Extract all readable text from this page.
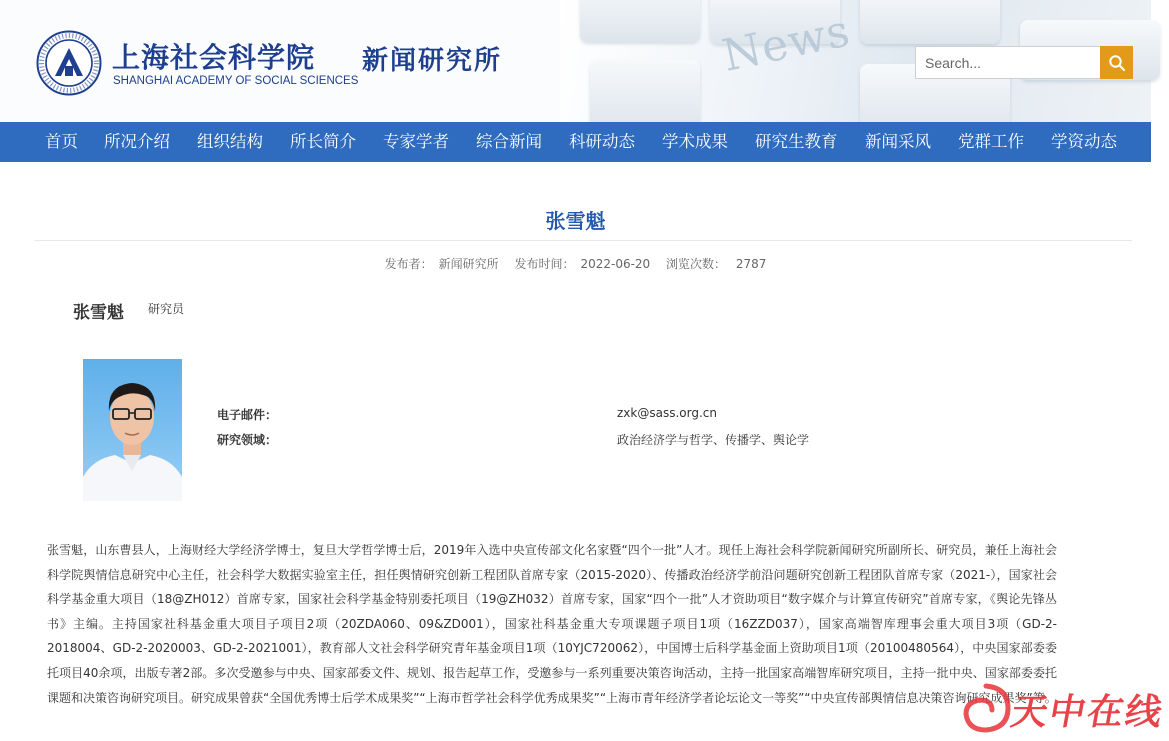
News
上海社会科学院 新闻研究所
SHANGHAI ACADEMY OF SOCIAL SCIENCES
Search...
首页 所况介绍 组织结构 所长简介 专家学者 综合新闻 科研动态 学术成果 研究生教育 新闻采风 党群工作 学资动态
张雪魁
发布者： 新闻研究所 发布时间： 2022-06-20 浏览次数： 2787
张雪魁 研究员
电子邮件：	zxk@sass.org.cn
研究领域：	政治经济学与哲学、传播学、舆论学
张雪魁，山东曹县人，上海财经大学经济学博士，复旦大学哲学博士后，2019年入选中央宣传部文化名家暨“四个一批”人才。现任上海社会科学院新闻研究所副所长、研究员，兼任上海社会科学院舆情信息研究中心主任，社会科学大数据实验室主任，担任舆情研究创新工程团队首席专家（2015-2020）、传播政治经济学前沿问题研究创新工程团队首席专家（2021-），国家社会科学基金重大项目（18@ZH012）首席专家，国家社会科学基金特别委托项目（19@ZH032）首席专家，国家“四个一批”人才资助项目“数字媒介与计算宣传研究”首席专家，《舆论先锋丛书》主编。主持国家社科基金重大项目子项目2项（20ZDA060、09&ZD001），国家社科基金重大专项课题子项目1项（16ZZD037），国家高端智库理事会重大项目3项（GD-2-2018004、GD-2-2020003、GD-2-2021001），教育部人文社会科学研究青年基金项目1项（10YJC720062），中国博士后科学基金面上资助项目1项（20100480564），中央国家部委委托项目40余项，出版专著2部。多次受邀参与中央、国家部委文件、规划、报告起草工作，受邀参与一系列重要决策咨询活动，主持一批国家高端智库研究项目，主持一批中央、国家部委委托课题和决策咨询研究项目。研究成果曾获“全国优秀博士后学术成果奖”“上海市哲学社会科学优秀成果奖”“上海市青年经济学者论坛论文一等奖”“中央宣传部舆情信息决策咨询研究成果奖”等。
天中在线
